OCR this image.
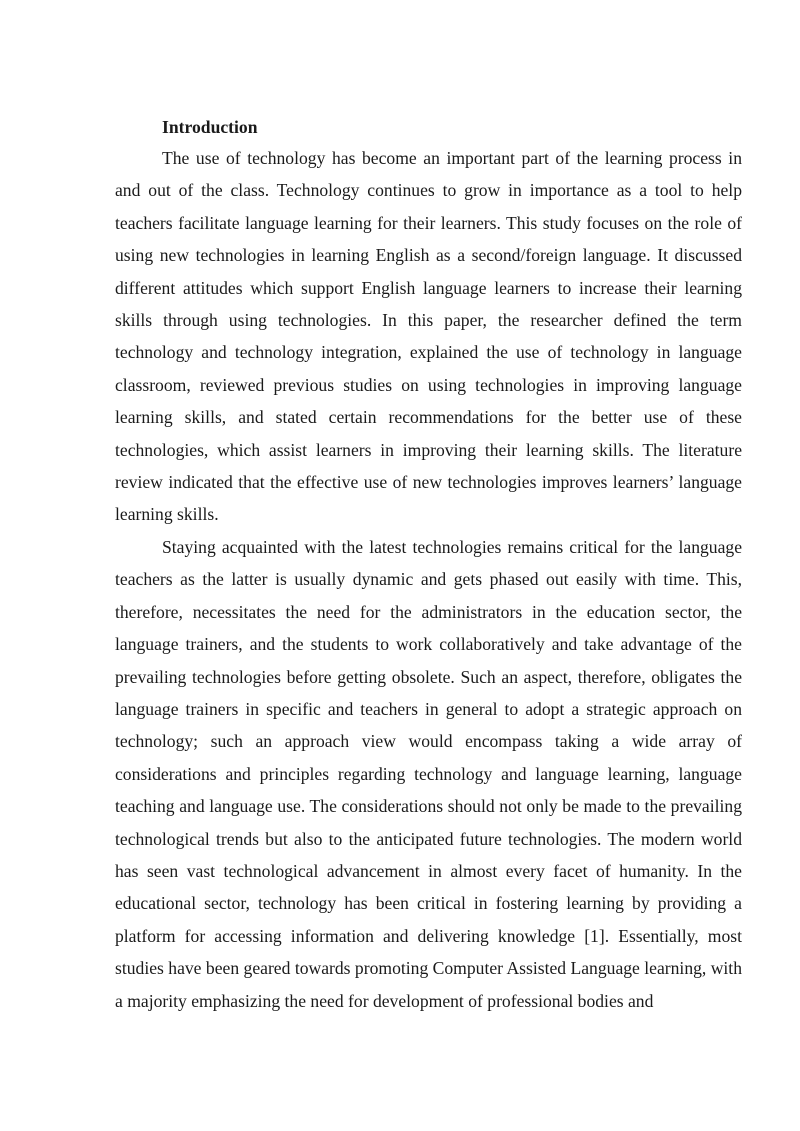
Introduction

The use of technology has become an important part of the learning process in and out of the class. Technology continues to grow in importance as a tool to help teachers facilitate language learning for their learners. This study focuses on the role of using new technologies in learning English as a second/foreign language. It discussed different attitudes which support English language learners to increase their learning skills through using technologies. In this paper, the researcher defined the term technology and technology integration, explained the use of technology in language classroom, reviewed previous studies on using technologies in improving language learning skills, and stated certain recommendations for the better use of these technologies, which assist learners in improving their learning skills. The literature review indicated that the effective use of new technologies improves learners’ language learning skills.

Staying acquainted with the latest technologies remains critical for the language teachers as the latter is usually dynamic and gets phased out easily with time. This, therefore, necessitates the need for the administrators in the education sector, the language trainers, and the students to work collaboratively and take advantage of the prevailing technologies before getting obsolete. Such an aspect, therefore, obligates the language trainers in specific and teachers in general to adopt a strategic approach on technology; such an approach view would encompass taking a wide array of considerations and principles regarding technology and language learning, language teaching and language use. The considerations should not only be made to the prevailing technological trends but also to the anticipated future technologies. The modern world has seen vast technological advancement in almost every facet of humanity. In the educational sector, technology has been critical in fostering learning by providing a platform for accessing information and delivering knowledge [1]. Essentially, most studies have been geared towards promoting Computer Assisted Language learning, with a majority emphasizing the need for development of professional bodies and
